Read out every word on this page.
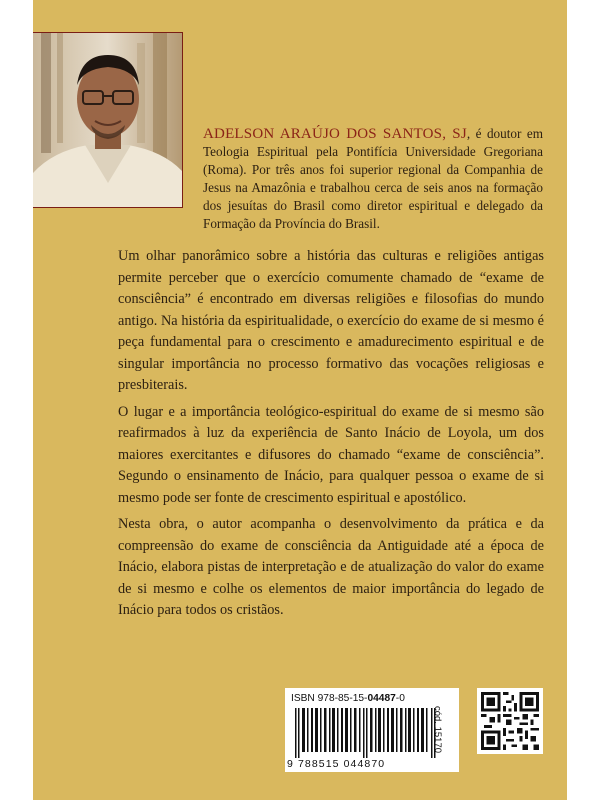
ADELSON ARAÚJO DOS SANTOS, SJ, é doutor em Teologia Espiritual pela Pontifícia Universidade Gregoriana (Roma). Por três anos foi superior regional da Companhia de Jesus na Amazônia e trabalhou cerca de seis anos na formação dos jesuítas do Brasil como diretor espiritual e delegado da Formação da Província do Brasil.

Um olhar panorâmico sobre a história das culturas e religiões antigas permite perceber que o exercício comumente chamado de “exame de consciência” é encontrado em diversas religiões e filosofias do mundo antigo. Na história da espiritualidade, o exercício do exame de si mesmo é peça fundamental para o crescimento e amadurecimento espiritual e de singular importância no processo formativo das vocações religiosas e presbiterais.

O lugar e a importância teológico-espiritual do exame de si mesmo são reafirmados à luz da experiência de Santo Inácio de Loyola, um dos maiores exercitantes e difusores do chamado “exame de consciência”. Segundo o ensinamento de Inácio, para qualquer pessoa o exame de si mesmo pode ser fonte de crescimento espiritual e apostólico.

Nesta obra, o autor acompanha o desenvolvimento da prática e da compreensão do exame de consciência da Antiguidade até a época de Inácio, elabora pistas de interpretação e de atualização do valor do exame de si mesmo e colhe os elementos de maior importância do legado de Inácio para todos os cristãos.

ISBN 978-85-15-04487-0
9 788515 044870
cód. 15170
